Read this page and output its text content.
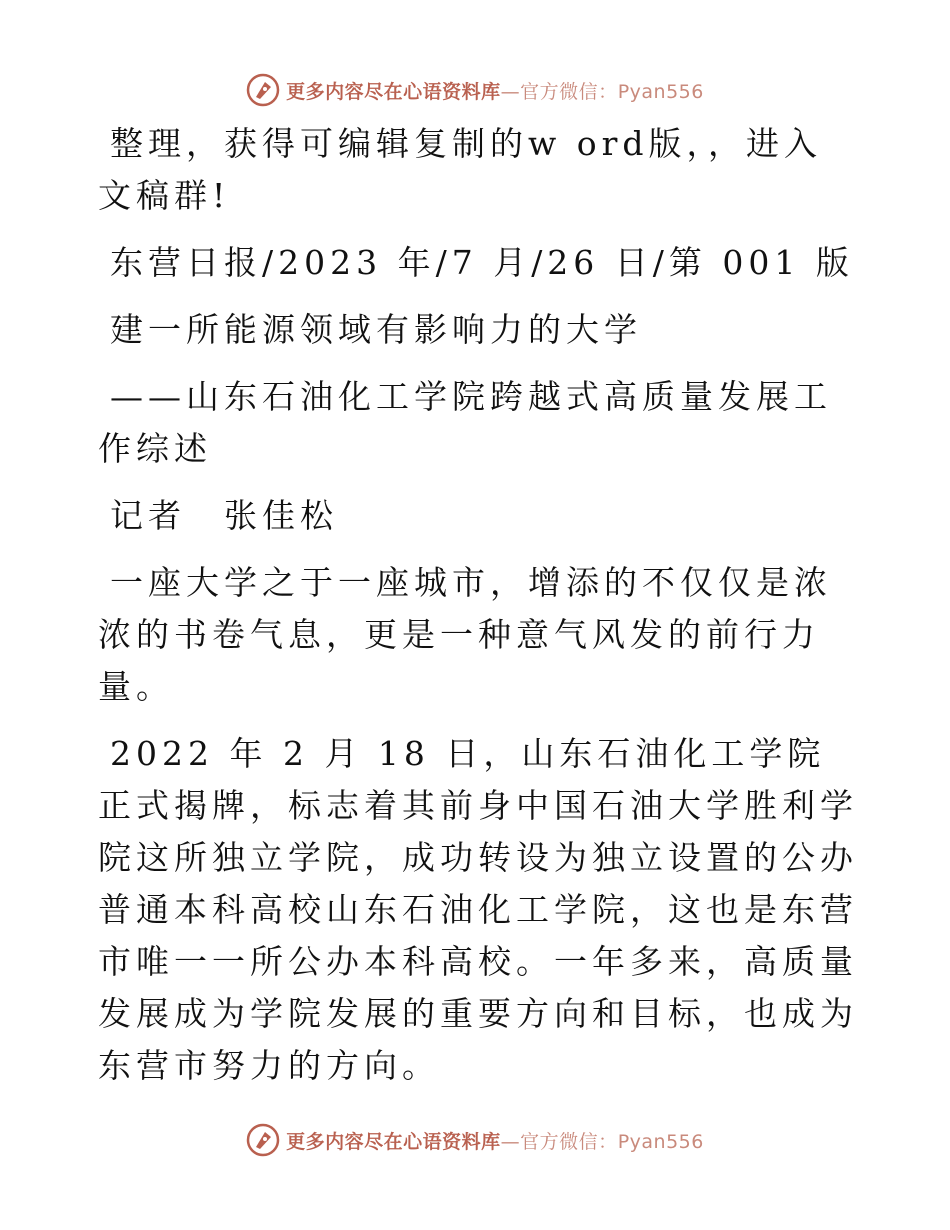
更多内容尽在心语资料库—官方微信：Pyan556

整理，获得可编辑复制的w ord版，，进入文稿群!

东营日报/2023 年/7 月/26 日/第 001 版

建一所能源领域有影响力的大学

——山东石油化工学院跨越式高质量发展工作综述

记者　张佳松

一座大学之于一座城市，增添的不仅仅是浓浓的书卷气息，更是一种意气风发的前行力量。

2022 年 2 月 18 日，山东石油化工学院正式揭牌，标志着其前身中国石油大学胜利学院这所独立学院，成功转设为独立设置的公办普通本科高校山东石油化工学院，这也是东营市唯一一所公办本科高校。一年多来，高质量发展成为学院发展的重要方向和目标，也成为东营市努力的方向。

更多内容尽在心语资料库—官方微信：Pyan556
